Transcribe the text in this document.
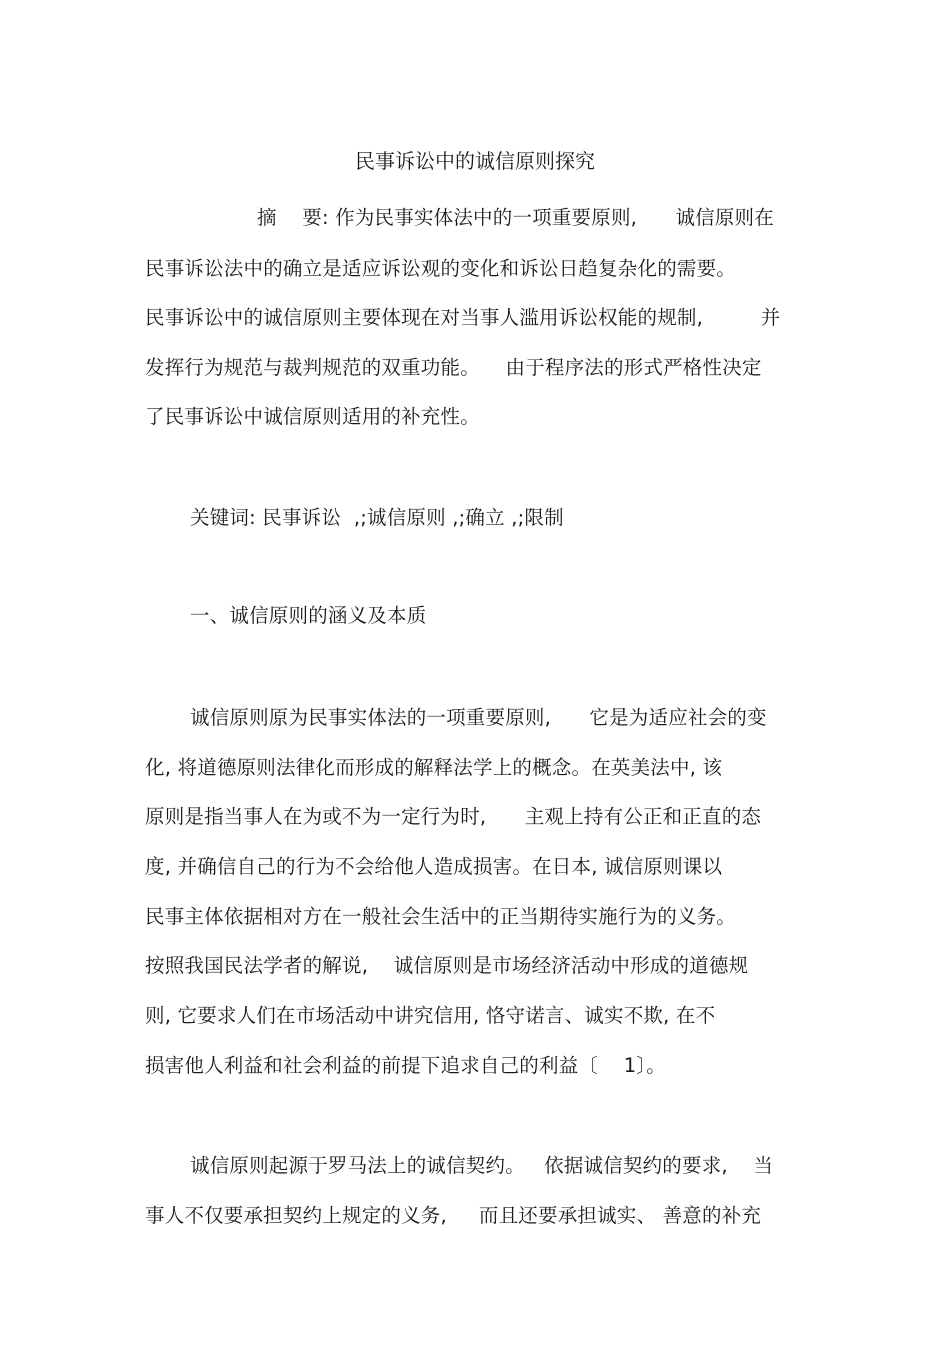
民事诉讼中的诚信原则探究
摘    要: 作为民事实体法中的一项重要原则,      诚信原则在
民事诉讼法中的确立是适应诉讼观的变化和诉讼日趋复杂化的需要。
民事诉讼中的诚信原则主要体现在对当事人滥用诉讼权能的规制,         并
发挥行为规范与裁判规范的双重功能。    由于程序法的形式严格性决定
了民事诉讼中诚信原则适用的补充性。
关键词: 民事诉讼  ,;诚信原则 ,;确立 ,;限制
一、诚信原则的涵义及本质
诚信原则原为民事实体法的一项重要原则,      它是为适应社会的变
化, 将道德原则法律化而形成的解释法学上的概念。在英美法中, 该
原则是指当事人在为或不为一定行为时,      主观上持有公正和正直的态
度, 并确信自己的行为不会给他人造成损害。在日本, 诚信原则课以
民事主体依据相对方在一般社会生活中的正当期待实施行为的义务。
按照我国民法学者的解说,    诚信原则是市场经济活动中形成的道德规
则, 它要求人们在市场活动中讲究信用, 恪守诺言、诚实不欺, 在不
损害他人利益和社会利益的前提下追求自己的利益〔    1〕。
诚信原则起源于罗马法上的诚信契约。   依据诚信契约的要求,    当
事人不仅要承担契约上规定的义务,     而且还要承担诚实、 善意的补充
